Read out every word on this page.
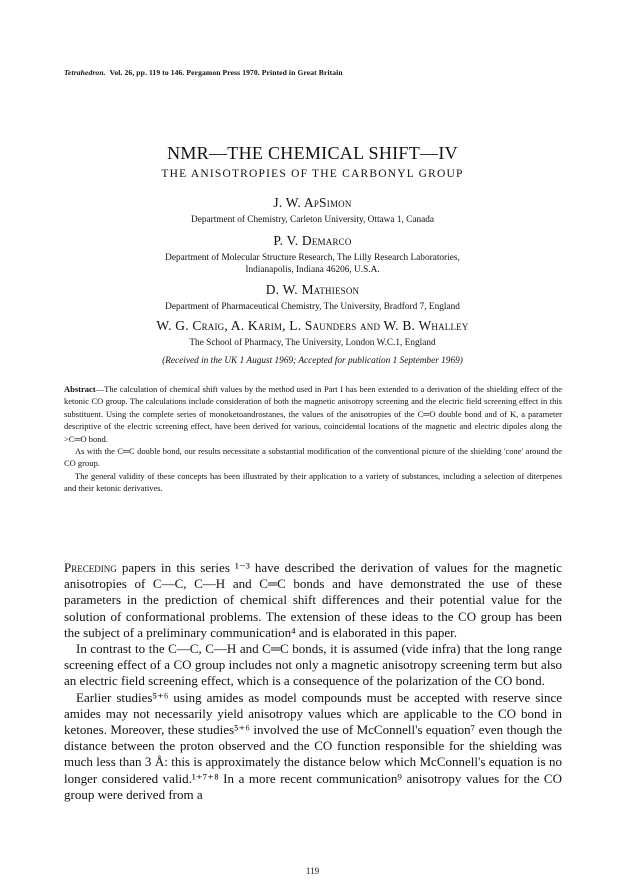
Tetrahedron. Vol. 26, pp. 119 to 146. Pergamon Press 1970. Printed in Great Britain
NMR—THE CHEMICAL SHIFT—IV
THE ANISOTROPIES OF THE CARBONYL GROUP
J. W. ApSimon
Department of Chemistry, Carleton University, Ottawa 1, Canada
P. V. Demarco
Department of Molecular Structure Research, The Lilly Research Laboratories,
Indianapolis, Indiana 46206, U.S.A.
D. W. Mathieson
Department of Pharmaceutical Chemistry, The University, Bradford 7, England
W. G. Craig, A. Karim, L. Saunders and W. B. Whalley
The School of Pharmacy, The University, London W.C.1, England
(Received in the UK 1 August 1969; Accepted for publication 1 September 1969)

Abstract—The calculation of chemical shift values by the method used in Part I has been extended to a derivation of the shielding effect of the ketonic CO group. The calculations include consideration of both the magnetic anisotropy screening and the electric field screening effect in this substituent. Using the complete series of monoketoandrostanes, the values of the anisotropies of the C═O double bond and of K, a parameter descriptive of the electric screening effect, have been derived for various, coincidental locations of the magnetic and electric dipoles along the >C═O bond.

As with the C═C double bond, our results necessitate a substantial modification of the conventional picture of the shielding 'cone' around the CO group.

The general validity of these concepts has been illustrated by their application to a variety of substances, including a selection of diterpenes and their ketonic derivatives.

Preceding papers in this series ¹⁻³ have described the derivation of values for the magnetic anisotropies of C—C, C—H and C═C bonds and have demonstrated the use of these parameters in the prediction of chemical shift differences and their potential value for the solution of conformational problems. The extension of these ideas to the CO group has been the subject of a preliminary communication⁴ and is elaborated in this paper.

In contrast to the C—C, C—H and C═C bonds, it is assumed (vide infra) that the long range screening effect of a CO group includes not only a magnetic anisotropy screening term but also an electric field screening effect, which is a consequence of the polarization of the CO bond.

Earlier studies⁵⁺⁶ using amides as model compounds must be accepted with reserve since amides may not necessarily yield anisotropy values which are applicable to the CO bond in ketones. Moreover, these studies⁵⁺⁶ involved the use of McConnell's equation⁷ even though the distance between the proton observed and the CO function responsible for the shielding was much less than 3 Å: this is approximately the distance below which McConnell's equation is no longer considered valid.¹⁺⁷⁺⁸ In a more recent communication⁹ anisotropy values for the CO group were derived from a

119
